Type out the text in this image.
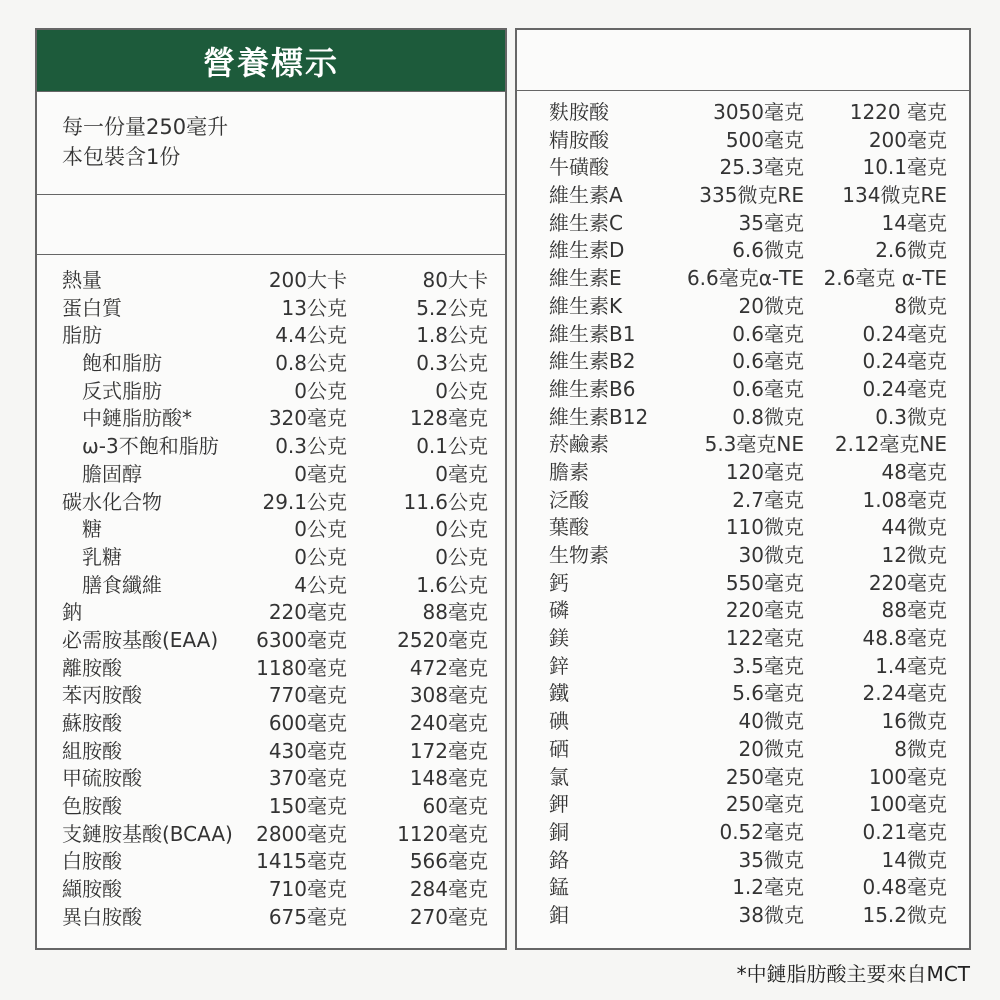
營養標示
每一份量250毫升
本包裝含1份
熱量	200大卡	80大卡
蛋白質	13公克	5.2公克
脂肪	4.4公克	1.8公克
飽和脂肪	0.8公克	0.3公克
反式脂肪	0公克	0公克
中鏈脂肪酸*	320毫克	128毫克
ω-3不飽和脂肪	0.3公克	0.1公克
膽固醇	0毫克	0毫克
碳水化合物	29.1公克	11.6公克
糖	0公克	0公克
乳糖	0公克	0公克
膳食纖維	4公克	1.6公克
鈉	220毫克	88毫克
必需胺基酸(EAA) 6300毫克	2520毫克
離胺酸	1180毫克	472毫克
苯丙胺酸	770毫克	308毫克
蘇胺酸	600毫克	240毫克
組胺酸	430毫克	172毫克
甲硫胺酸	370毫克	148毫克
色胺酸	150毫克	60毫克
支鏈胺基酸(BCAA) 2800毫克	1120毫克
白胺酸	1415毫克	566毫克
纈胺酸	710毫克	284毫克
異白胺酸	675毫克	270毫克
麩胺酸	3050毫克 1220 毫克
精胺酸	500毫克	200毫克
牛磺酸	25.3毫克	10.1毫克
維生素A	335微克RE 134微克RE
維生素C	35毫克	14毫克
維生素D	6.6微克	2.6微克
維生素E	6.6毫克α-TE 2.6毫克 α-TE
維生素K	20微克	8微克
維生素B1	0.6毫克	0.24毫克
維生素B2	0.6毫克	0.24毫克
維生素B6	0.6毫克	0.24毫克
維生素B12	0.8微克	0.3微克
菸鹼素	5.3毫克NE 2.12毫克NE
膽素	120毫克	48毫克
泛酸	2.7毫克	1.08毫克
葉酸	110微克	44微克
生物素	30微克	12微克
鈣	550毫克	220毫克
磷	220毫克	88毫克
鎂	122毫克	48.8毫克
鋅	3.5毫克	1.4毫克
鐵	5.6毫克	2.24毫克
碘	40微克	16微克
硒	20微克	8微克
氯	250毫克	100毫克
鉀	250毫克	100毫克
銅	0.52毫克	0.21毫克
鉻	35微克	14微克
錳	1.2毫克	0.48毫克
鉬	38微克	15.2微克
*中鏈脂肪酸主要來自MCT
